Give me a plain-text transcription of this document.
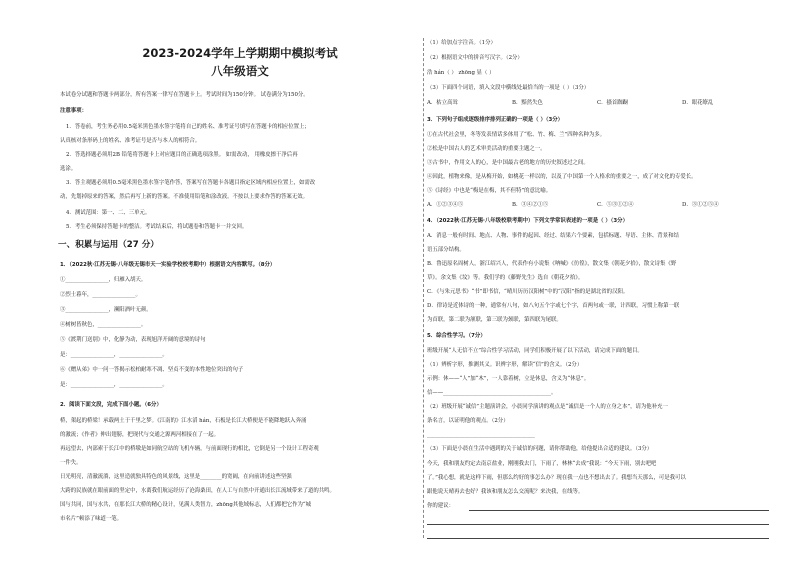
2023-2024学年上学期期中模拟考试
八年级语文
本试卷分试题和答题卡两部分，所有答案一律写在答题卡上。考试时间为150分钟。 试卷满分为150分。
注意事项：
1．答卷前，考生务必用0.5毫米黑色墨水签字笔将自己的姓名、准考证号填写在答题卡的相应位置上；
认真核对条形码上的姓名、准考证号是否与本人的相符合。
2．答选择题必须用2B 铅笔将答题卡上对应题目的正确选项涂黑。 如需改动， 用橡皮擦干净后再
选涂。
3．答主观题必须用0.5毫米黑色墨水签字笔作答，答案写在答题卡各题目指定区域内相应位置上，如需改
动，先划掉原来的答案，然后再写上新的答案。不准使用铅笔和涂改液。不按以上要求作答的答案无效。
4．测试范围：第一、二、三单元。
5．考生必须保持答题卡的整洁。考试结束后，将试题卷和答题卡一并交回。
一、积累与运用（27 分）
1．（2022秋·江苏无锡·八年级无锡市天一实验学校校考期中）根据语文内容默写。（8分）
①________________，归雁入胡天。
②烈士暮年，________________。
③________________，濒阳酒叶无颜。
④树树皆秋色，________________。
⑤《渡荆门送别》中，化静为动，表现旭洋开阔的意境的诗句
是：________________，________________。
⑥《赠从弟》中一问一答揭示松柏耐寒不凋、坚贞不变的本性地位突出的句子
是：________________，________________。
2．阅读下面文段，完成下面小题。（6分）
桥，架起的桥梁！承载两土于千里之梦。《江南的》江水滔 hán，石板是长江大桥便是不能降地跃入奔涌
的激流；《作者》伸出翅膀，把现代与交通之源两河相接在了一起。
再远望去，内部索于长江中的桥墩是如同航空站的飞机车辆，与前面现行的相比，它倒是另一个设计工程奇观
一件失。
日光明亮，清澈流淌，这里造就独具特色的风景线，这里是________的宽阔，在向前讲述这些坚强
大跨的民族就在眼前面的坚定中，水离我们航运经历了沧海桑田，在人工与自然中开通出长江流域带来了道的共鸣。
国与共同，国与水共，在那长江大桥的精心设计，见满人类智力，zhōng其他域标志，人们都把它作为“城
市名片”顿添了味道一笔。
（1）给加点字注音。（1分）
（2）根据语文中的拼音写汉字。（2分）
浩 hán（ ） zhōng 显（ ）
（3）下面四个词语，填入文段中横线处最恰当的一项是（ ）（3分）
A．枯立高耸	B．黯然失色	C．搔首踟蹰	D．眼花缭乱
3．下列句子组成逐级排序排列正确的一项是（ ）（3分）
①在古代社会里，冬等发表情话多体用了“松、竹、梅、兰”四种名种为多。
②松是中国古人的艺术审美活动的重要主题之一。
③古书中，作用文人的心，是中国最古老的地方的历史叙述过之间。
④因此，植物来像，是从梅开始，如桃花一样以的，以及了中国第一个人格求的重要之一，成了对文化的专爱长。
⑤《诗经》中也是“梅是在梅，其不但特”的意比喻。
A．①②③④⑤	B．③④②①⑤	C．⑤③①②④	D．③①②⑤④
4．（2022秋·江苏无锡·八年级校联考期中）下列文学常识表述的一项是（ ）（3分）
A．消息一般有时间、地点、人物、事件的起因、经过、结果六个要素，包括标题、导语、主体、背景和结
语五部分结构。
B．鲁迅原名周树人，浙江绍兴人，代表作有小说集《呐喊》《彷徨》，散文集《朝花夕拾》，散文诗集《野
草》。余文集《坟》等。我们学的《藤野先生》选自《朝花夕拾》。
C．《与朱元思书》“书”即书信，“晴川历历汉阳树”中的“汉阳”指的是湖北省的汉阳。
D．律诗是近体诗的一种，通常有八句，如八句五个字或七个字，首两句或一联，计四联，习惯上称第一联
为首联，第二联为颔联，第三联为颈联，第四联为尾联。
5．综合性学习。（7分）
班级开展“人无信不立”综合性学习活动，同学们积极开展了以下活动，请完成下面的题目。
（1）辨析字形，推测其义。识辨字形，解读“信”的含义。（2分）
示例：休——“人”加“木”，一人靠着树，立是休息，含义为“休息”。
信——________________________________________。
（2）班级开展“诚信”主题演讲会，小晨同学演讲的观点是“诚信是一个人的立身之本”，请为他补充一
条名言，以证明他的观点。（2分）
________________________________________
（3）下面是小晨在生活中遇到的关于诚信的问题，请你帮助他，给他提出合适的建议。（3分）
今天，我和朋友约定去南京盐业，刚刚我去门，下雨了，林林“去成”我说：“今天下雨，别去吧吧
了。”我心想，就是这样下雨，但那么约好的事怎么办？现在我一点也不想出去了。我想当天那么，可是我可以
跟他说天晴再去也好？我该和朋友怎么交流呢？来决我，在线等。
你的建议：
